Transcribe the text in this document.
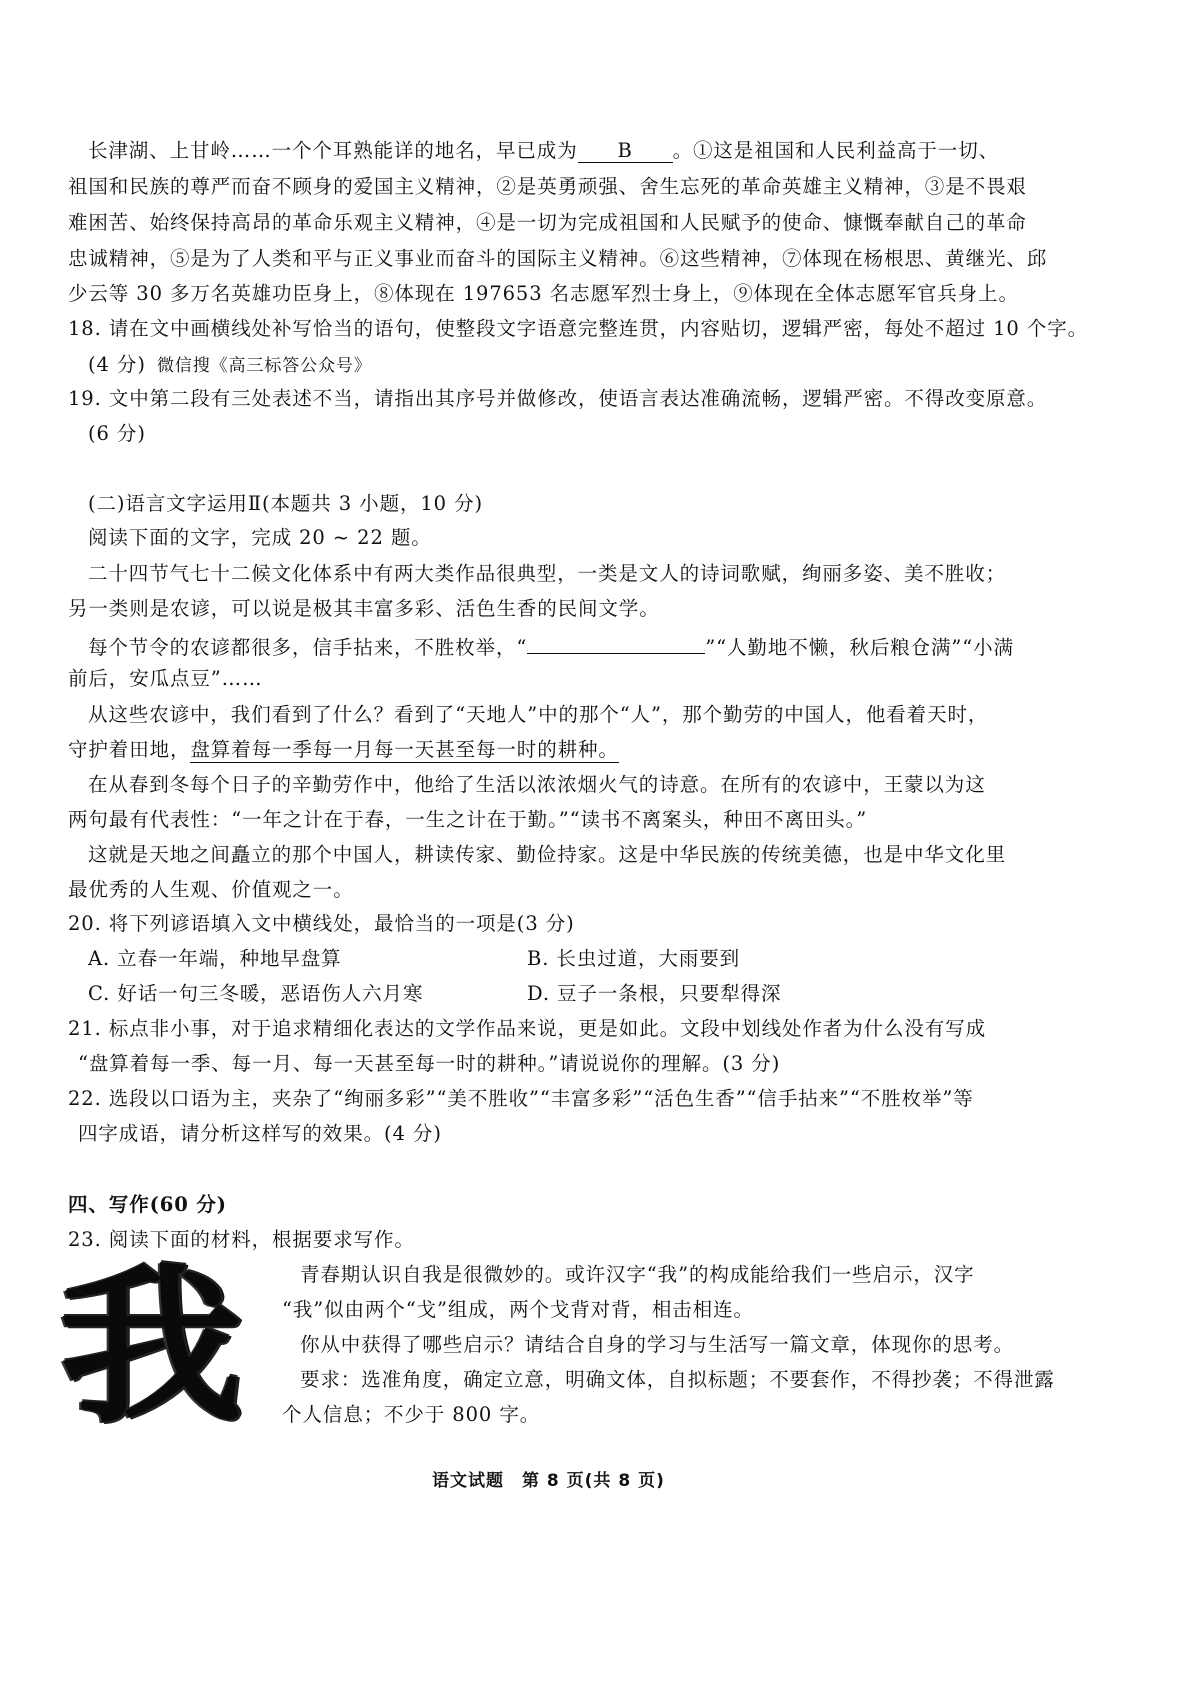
长津湖、上甘岭……一个个耳熟能详的地名，早已成为 B 。①这是祖国和人民利益高于一切、
祖国和民族的尊严而奋不顾身的爱国主义精神，②是英勇顽强、舍生忘死的革命英雄主义精神，③是不畏艰
难困苦、始终保持高昂的革命乐观主义精神，④是一切为完成祖国和人民赋予的使命、慷慨奉献自己的革命
忠诚精神，⑤是为了人类和平与正义事业而奋斗的国际主义精神。⑥这些精神，⑦体现在杨根思、黄继光、邱
少云等 30 多万名英雄功臣身上，⑧体现在 197653 名志愿军烈士身上，⑨体现在全体志愿军官兵身上。
18. 请在文中画横线处补写恰当的语句，使整段文字语意完整连贯，内容贴切，逻辑严密，每处不超过 10 个字。
(4 分) 微信搜《高三标答公众号》
19. 文中第二段有三处表述不当，请指出其序号并做修改，使语言表达准确流畅，逻辑严密。不得改变原意。
(6 分)
(二)语言文字运用Ⅱ(本题共 3 小题，10 分)
阅读下面的文字，完成 20 ~ 22 题。
二十四节气七十二候文化体系中有两大类作品很典型，一类是文人的诗词歌赋，绚丽多姿、美不胜收；
另一类则是农谚，可以说是极其丰富多彩、活色生香的民间文学。
每个节令的农谚都很多，信手拈来，不胜枚举，“	”“人勤地不懒，秋后粮仓满”“小满
前后，安瓜点豆”……
从这些农谚中，我们看到了什么？看到了“天地人”中的那个“人”，那个勤劳的中国人，他看着天时，
守护着田地，盘算着每一季每一月每一天甚至每一时的耕种。
在从春到冬每个日子的辛勤劳作中，他给了生活以浓浓烟火气的诗意。在所有的农谚中，王蒙以为这
两句最有代表性：“一年之计在于春，一生之计在于勤。”“读书不离案头，种田不离田头。”
这就是天地之间矗立的那个中国人，耕读传家、勤俭持家。这是中华民族的传统美德，也是中华文化里
最优秀的人生观、价值观之一。
20. 将下列谚语填入文中横线处，最恰当的一项是(3 分)
A. 立春一年端，种地早盘算	B. 长虫过道，大雨要到
C. 好话一句三冬暖，恶语伤人六月寒	D. 豆子一条根，只要犁得深
21. 标点非小事，对于追求精细化表达的文学作品来说，更是如此。文段中划线处作者为什么没有写成
“盘算着每一季、每一月、每一天甚至每一时的耕种。”请说说你的理解。(3 分)
22. 选段以口语为主，夹杂了“绚丽多彩”“美不胜收”“丰富多彩”“活色生香”“信手拈来”“不胜枚举”等
四字成语，请分析这样写的效果。(4 分)
四、写作(60 分)
23. 阅读下面的材料，根据要求写作。
我	青春期认识自我是很微妙的。或许汉字“我”的构成能给我们一些启示，汉字
“我”似由两个“戈”组成，两个戈背对背，相击相连。
你从中获得了哪些启示？请结合自身的学习与生活写一篇文章，体现你的思考。
要求：选准角度，确定立意，明确文体，自拟标题；不要套作，不得抄袭；不得泄露
个人信息；不少于 800 字。
语文试题　第 8 页(共 8 页)
